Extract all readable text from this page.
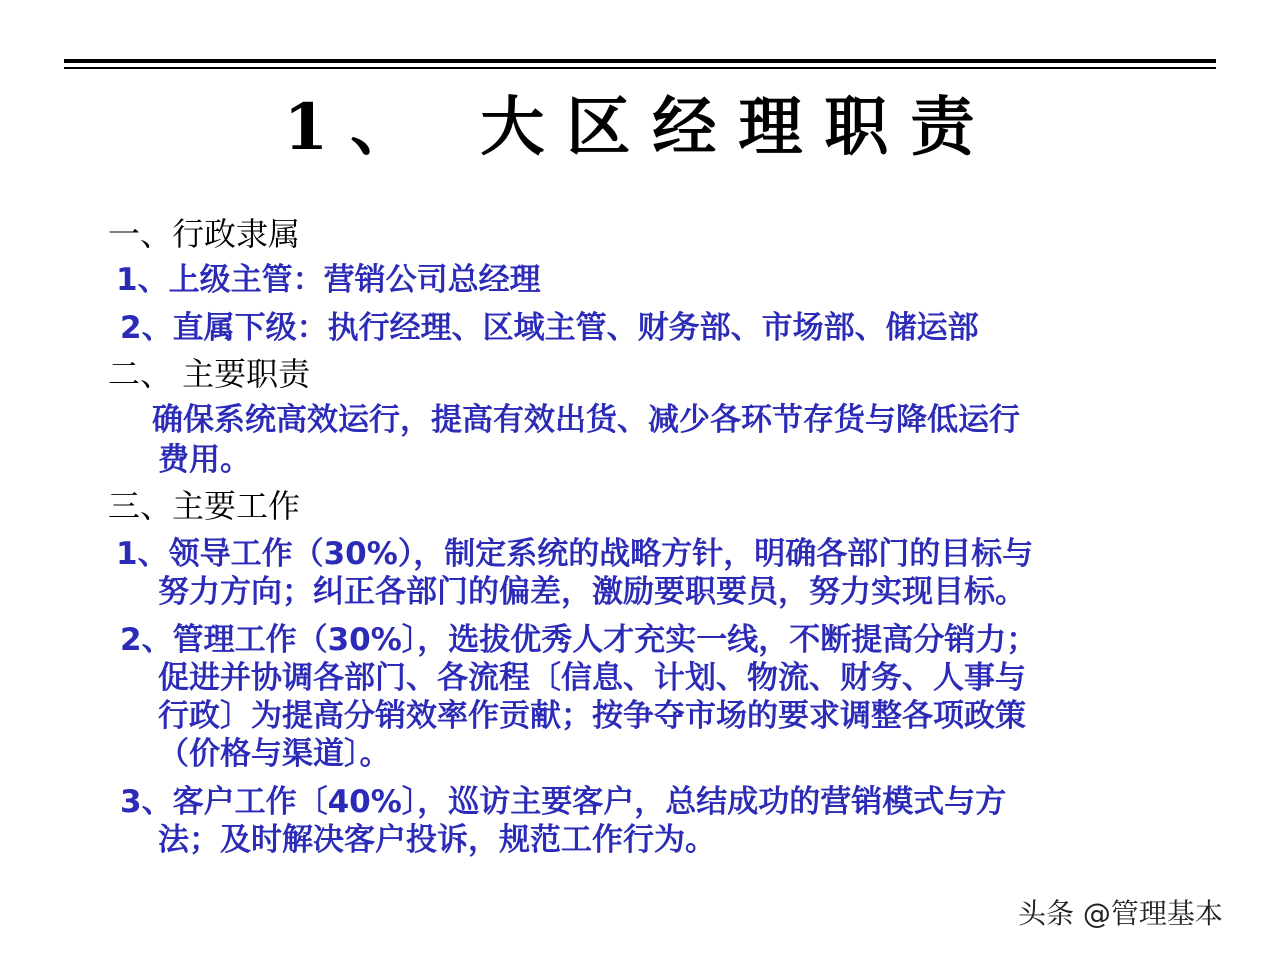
1、 大区经理职责
一、行政隶属
1、上级主管：营销公司总经理
2、直属下级：执行经理、区域主管、财务部、市场部、储运部
二、 主要职责
确保系统高效运行，提高有效出货、减少各环节存货与降低运行
费用。
三、主要工作
1、领导工作（30%），制定系统的战略方针，明确各部门的目标与
努力方向；纠正各部门的偏差，激励要职要员，努力实现目标。
2、管理工作（30%〕，选拔优秀人才充实一线，不断提高分销力；
促进并协调各部门、各流程〔信息、计划、物流、财务、人事与
行政〕为提高分销效率作贡献；按争夺市场的要求调整各项政策
（价格与渠道〕。
3、客户工作〔40%〕，巡访主要客户，总结成功的营销模式与方
法；及时解决客户投诉，规范工作行为。
头条 @管理基本
